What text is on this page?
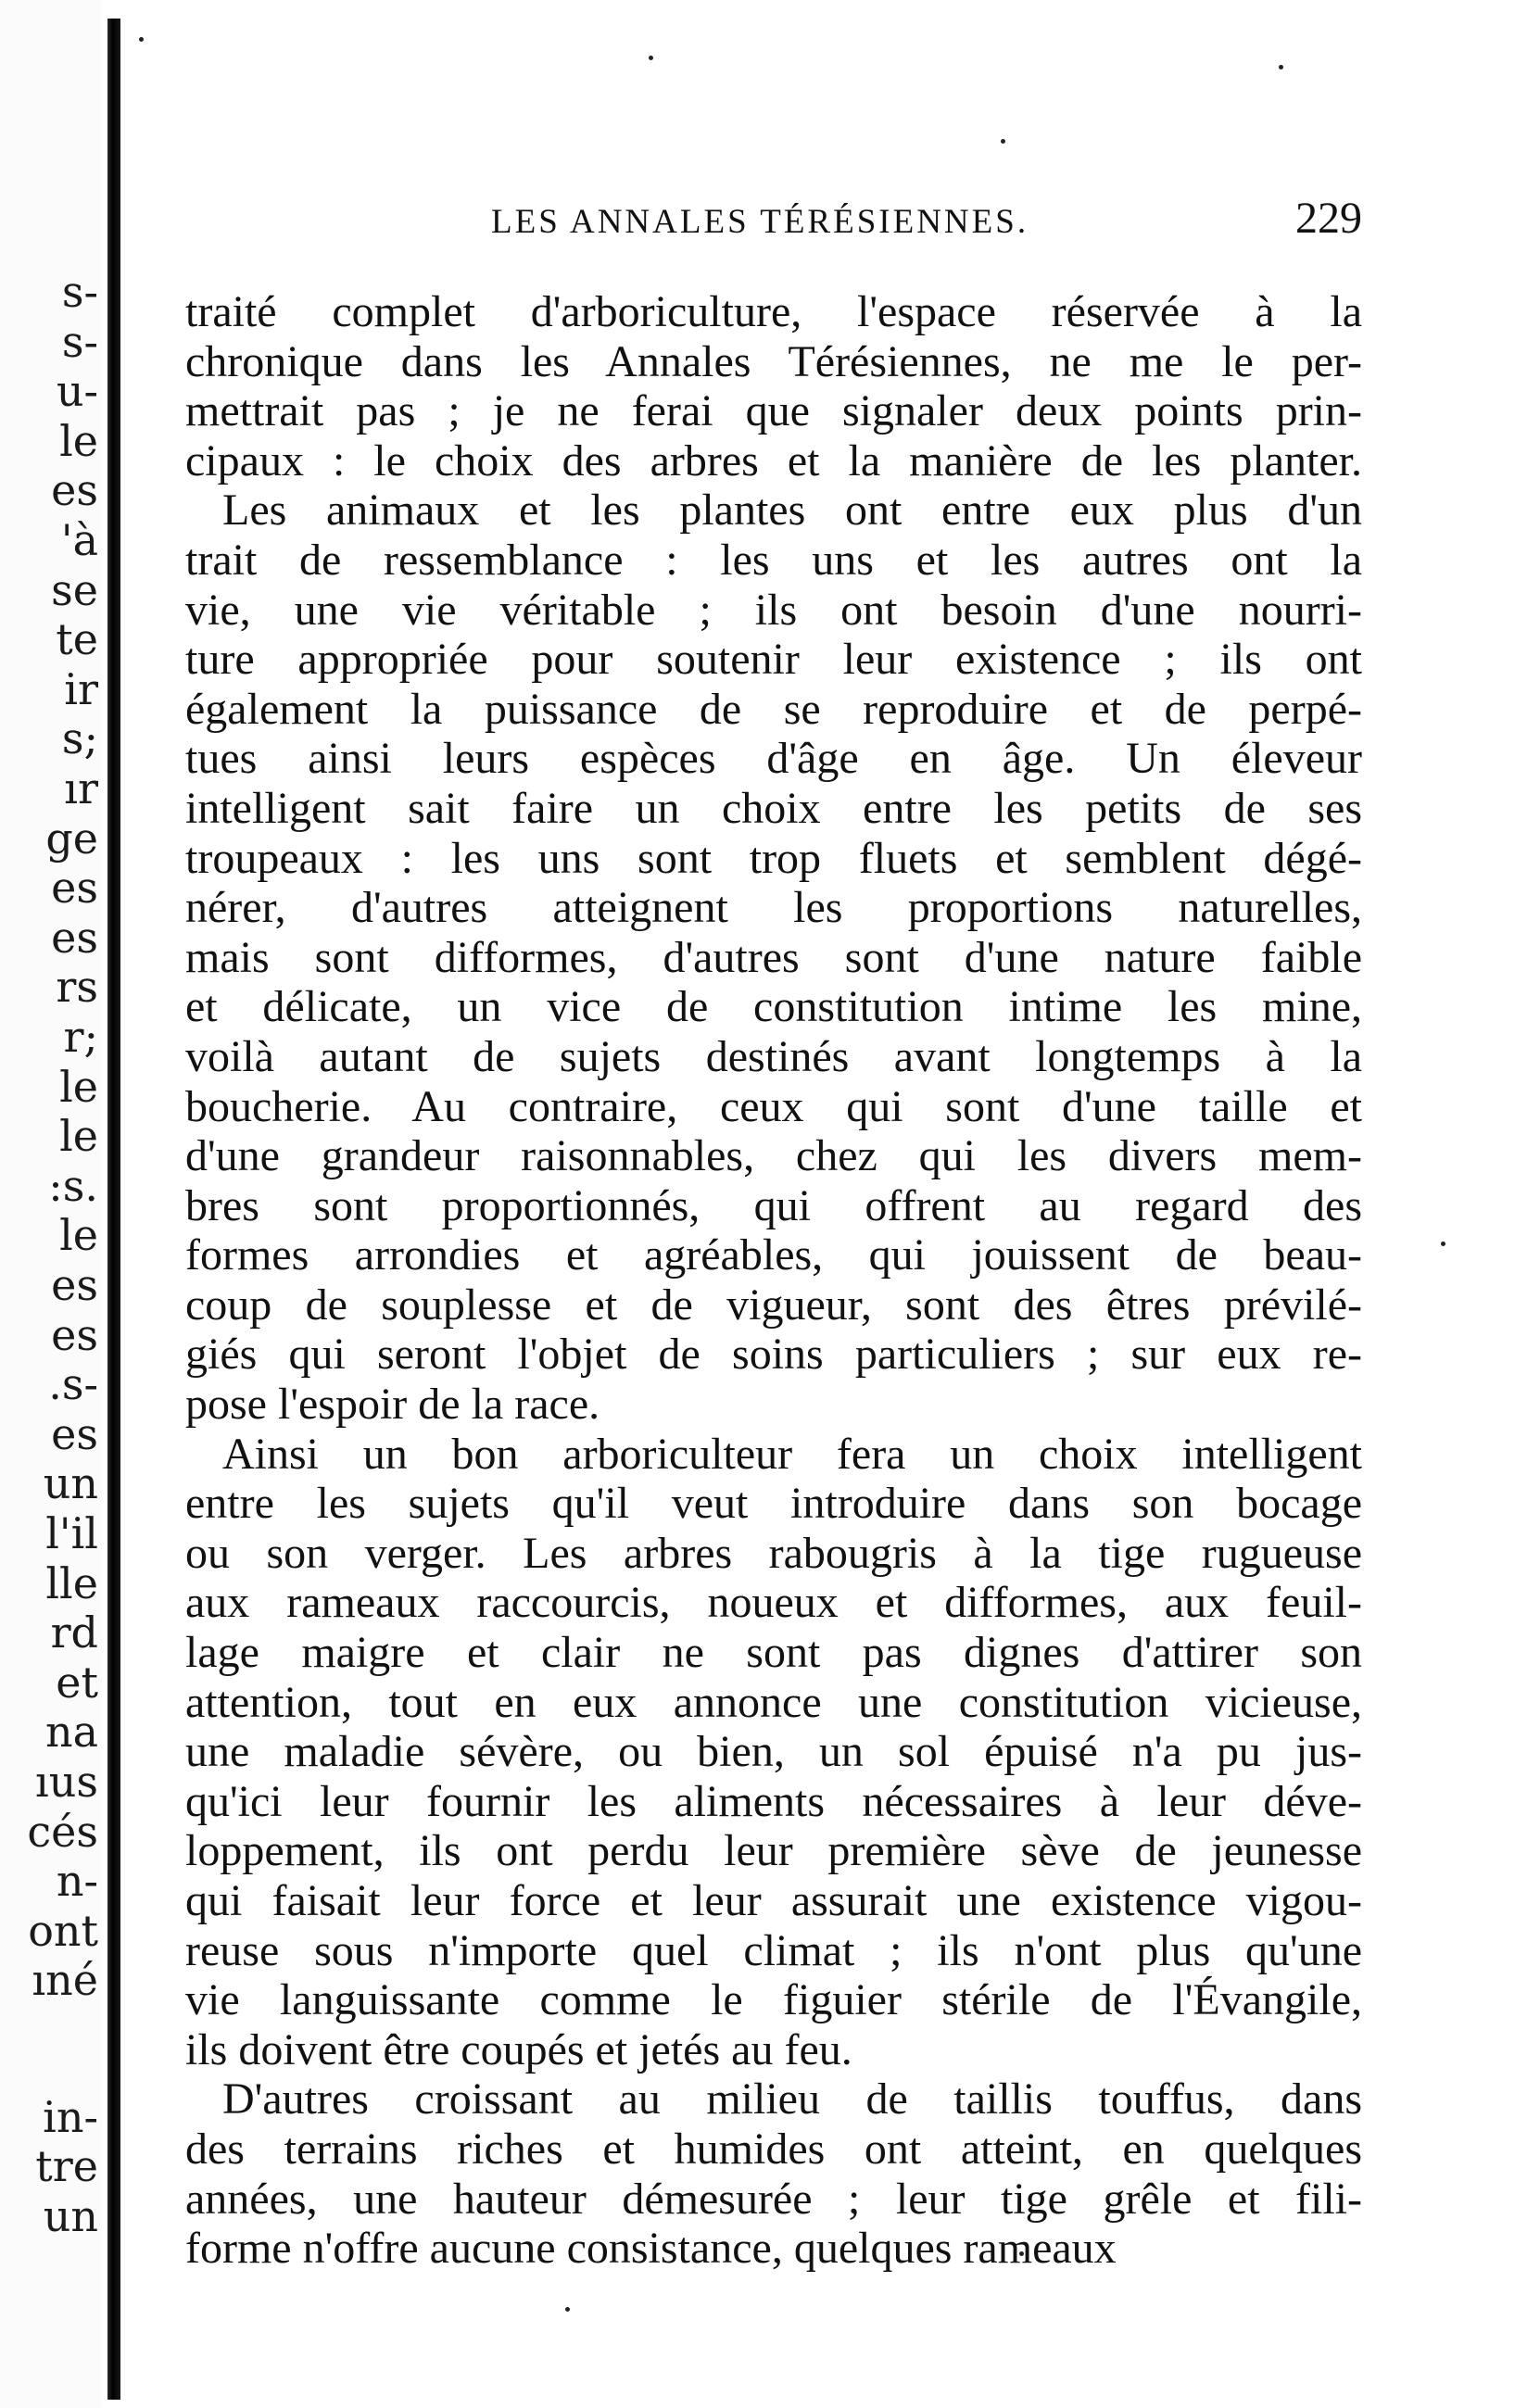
s-
s-
u-
le
es
'à
se
te
ir
s;
ır
ge
es
es
rs
r;
le
le
:s.
le
es
es
.s-
es
un
l'il
lle
rd
et
na
ıus
cés
n-
ont
ıné
in-
tre
un
LES ANNALES TÉRÉSIENNES.	229
traité complet d'arboriculture, l'espace réservée à la
chronique dans les Annales Térésiennes, ne me le per-
mettrait pas ; je ne ferai que signaler deux points prin-
cipaux : le choix des arbres et la manière de les planter.
Les animaux et les plantes ont entre eux plus d'un
trait de ressemblance : les uns et les autres ont la
vie, une vie véritable ; ils ont besoin d'une nourri-
ture appropriée pour soutenir leur existence ; ils ont
également la puissance de se reproduire et de perpé-
tues ainsi leurs espèces d'âge en âge. Un éleveur
intelligent sait faire un choix entre les petits de ses
troupeaux : les uns sont trop fluets et semblent dégé-
nérer, d'autres atteignent les proportions naturelles,
mais sont difformes, d'autres sont d'une nature faible
et délicate, un vice de constitution intime les mine,
voilà autant de sujets destinés avant longtemps à la
boucherie. Au contraire, ceux qui sont d'une taille et
d'une grandeur raisonnables, chez qui les divers mem-
bres sont proportionnés, qui offrent au regard des
formes arrondies et agréables, qui jouissent de beau-
coup de souplesse et de vigueur, sont des êtres prévilé-
giés qui seront l'objet de soins particuliers ; sur eux re-
pose l'espoir de la race.
Ainsi un bon arboriculteur fera un choix intelligent
entre les sujets qu'il veut introduire dans son bocage
ou son verger. Les arbres rabougris à la tige rugueuse
aux rameaux raccourcis, noueux et difformes, aux feuil-
lage maigre et clair ne sont pas dignes d'attirer son
attention, tout en eux annonce une constitution vicieuse,
une maladie sévère, ou bien, un sol épuisé n'a pu jus-
qu'ici leur fournir les aliments nécessaires à leur déve-
loppement, ils ont perdu leur première sève de jeunesse
qui faisait leur force et leur assurait une existence vigou-
reuse sous n'importe quel climat ; ils n'ont plus qu'une
vie languissante comme le figuier stérile de l'Évangile,
ils doivent être coupés et jetés au feu.
D'autres croissant au milieu de taillis touffus, dans
des terrains riches et humides ont atteint, en quelques
années, une hauteur démesurée ; leur tige grêle et fili-
forme n'offre aucune consistance, quelques rameaux
